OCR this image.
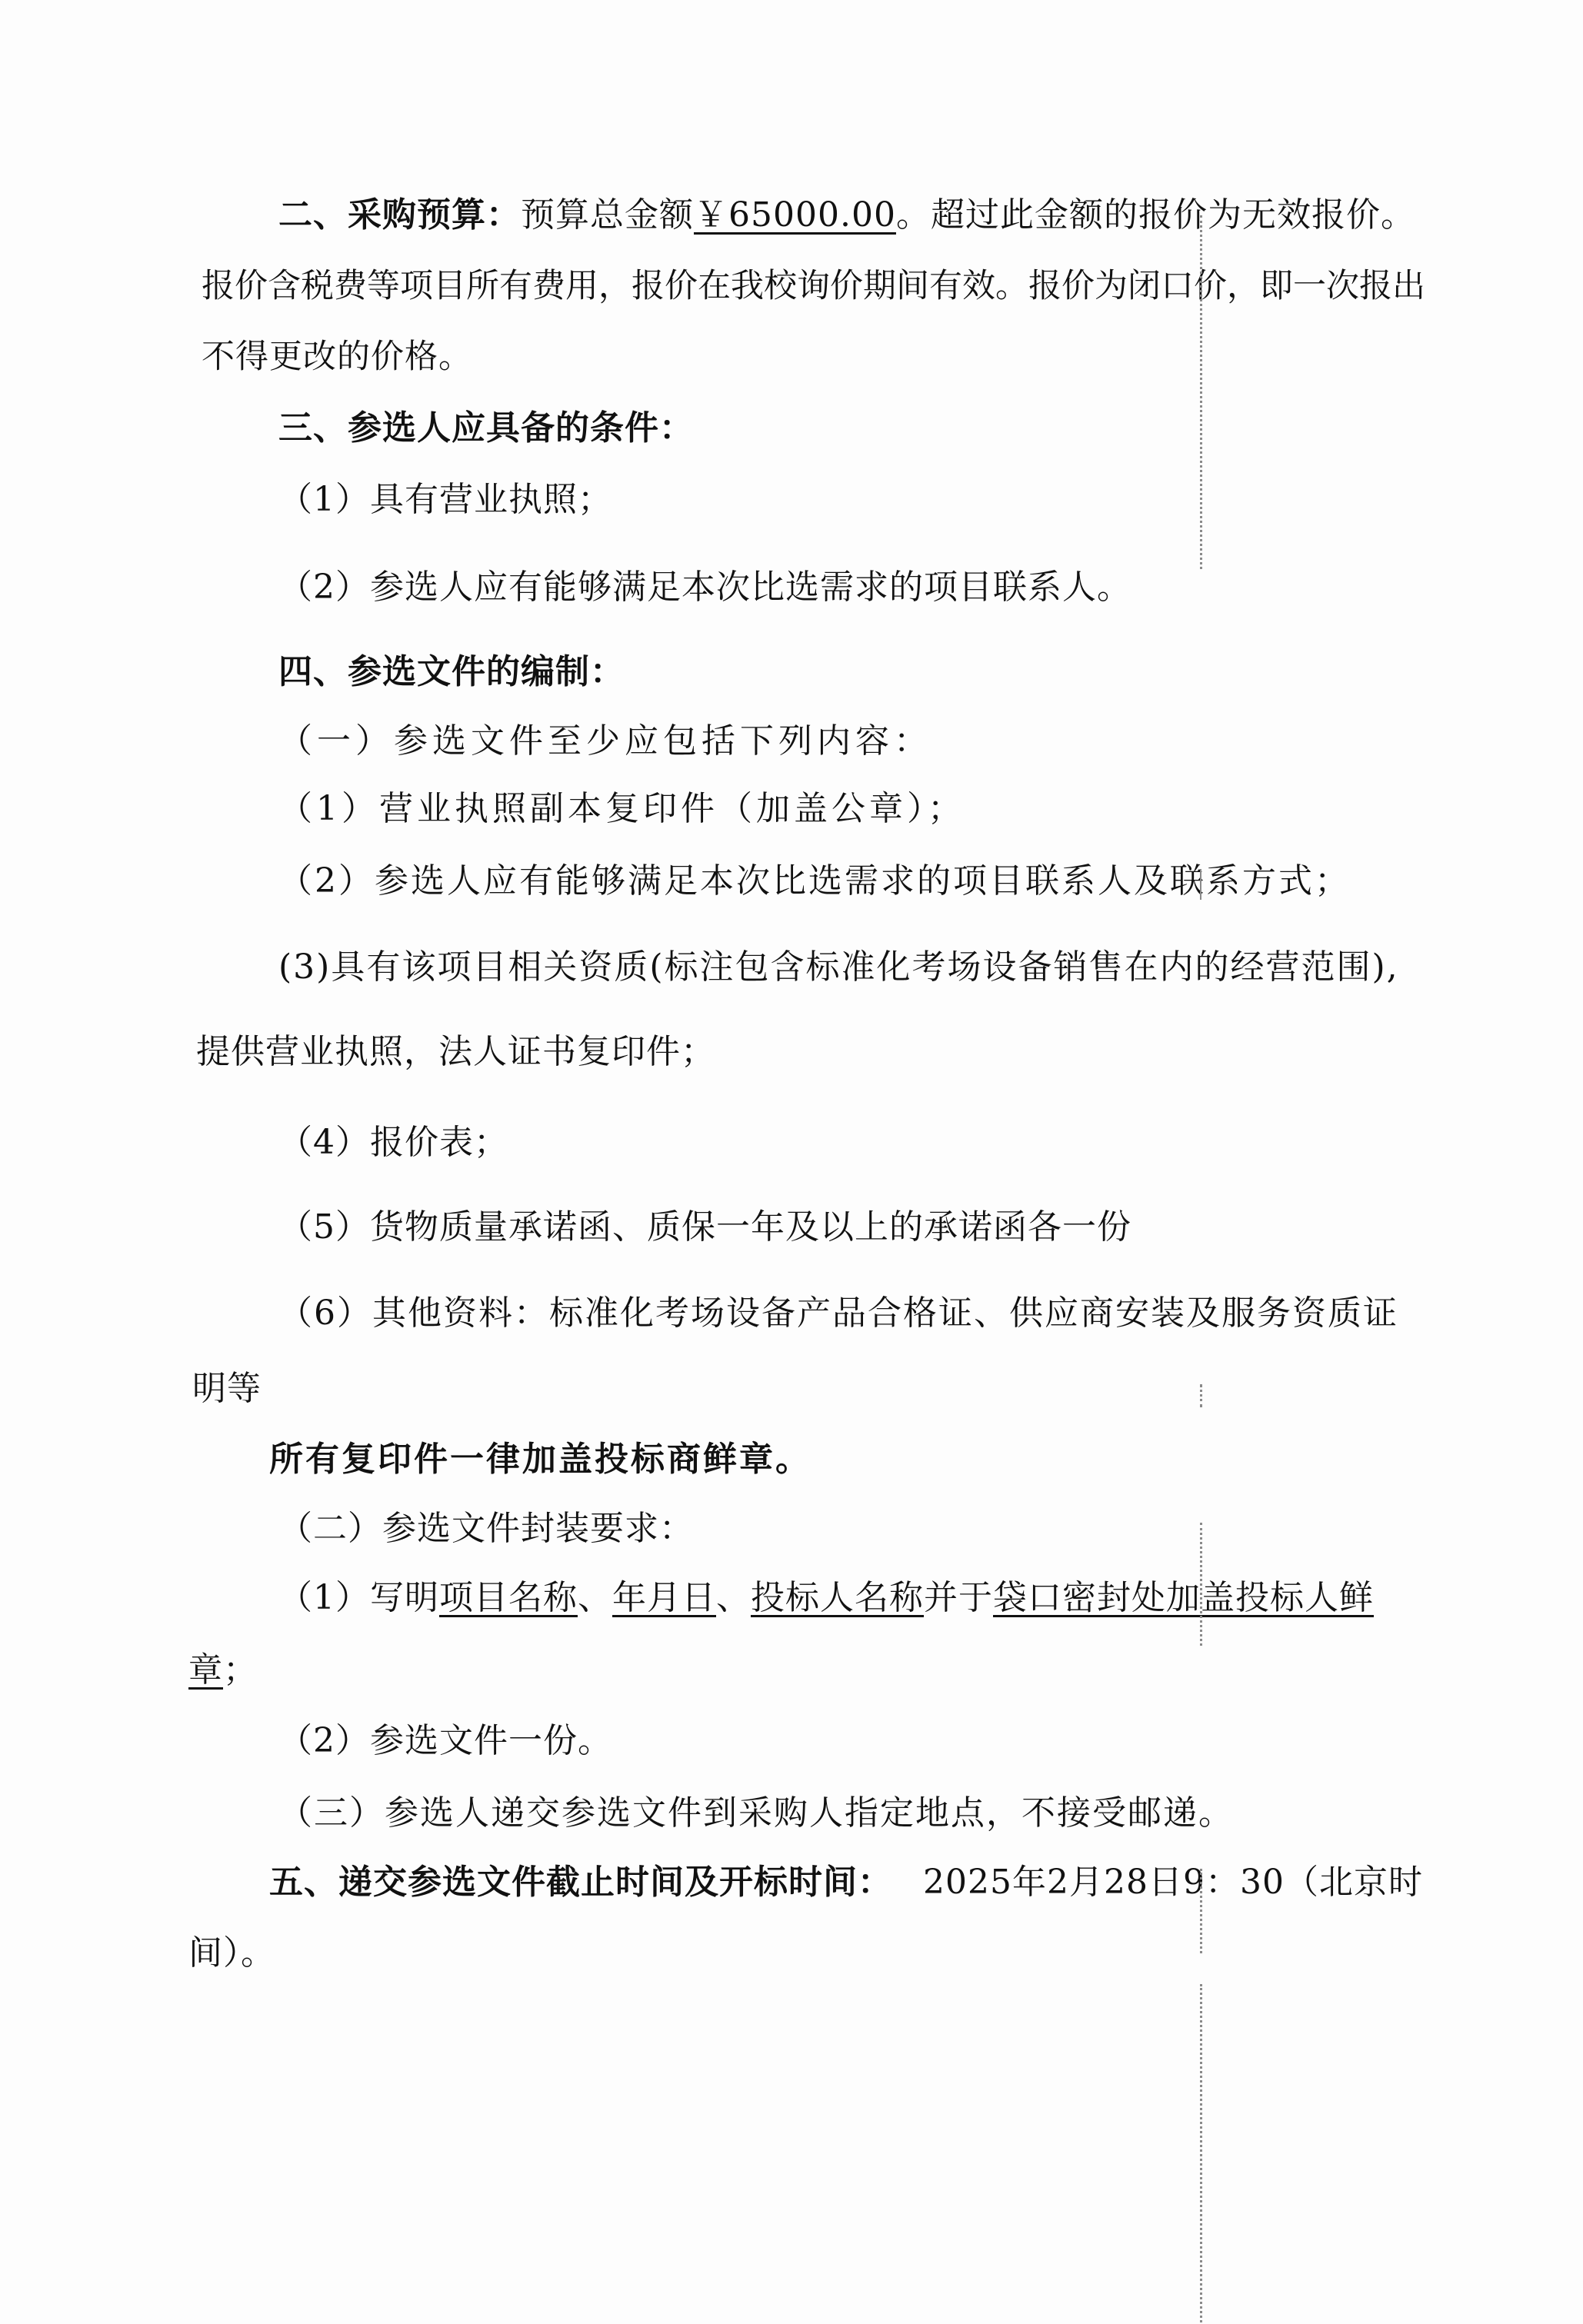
二、采购预算：预算总金额￥65000.00。超过此金额的报价为无效报价。
报价含税费等项目所有费用，报价在我校询价期间有效。报价为闭口价，即一次报出
不得更改的价格。
三、参选人应具备的条件：
（1）具有营业执照；
（2）参选人应有能够满足本次比选需求的项目联系人。
四、参选文件的编制：
（一）参选文件至少应包括下列内容：
（1）营业执照副本复印件（加盖公章）；
（2）参选人应有能够满足本次比选需求的项目联系人及联系方式；
(3)具有该项目相关资质(标注包含标准化考场设备销售在内的经营范围),
提供营业执照，法人证书复印件；
（4）报价表；
（5）货物质量承诺函、质保一年及以上的承诺函各一份
（6）其他资料：标准化考场设备产品合格证、供应商安装及服务资质证
明等
所有复印件一律加盖投标商鲜章。
（二）参选文件封装要求：
（1）写明项目名称、年月日、投标人名称并于袋口密封处加盖投标人鲜
章；
（2）参选文件一份。
（三）参选人递交参选文件到采购人指定地点，不接受邮递。
五、递交参选文件截止时间及开标时间： 2025年2月28日9：30（北京时
间）。
